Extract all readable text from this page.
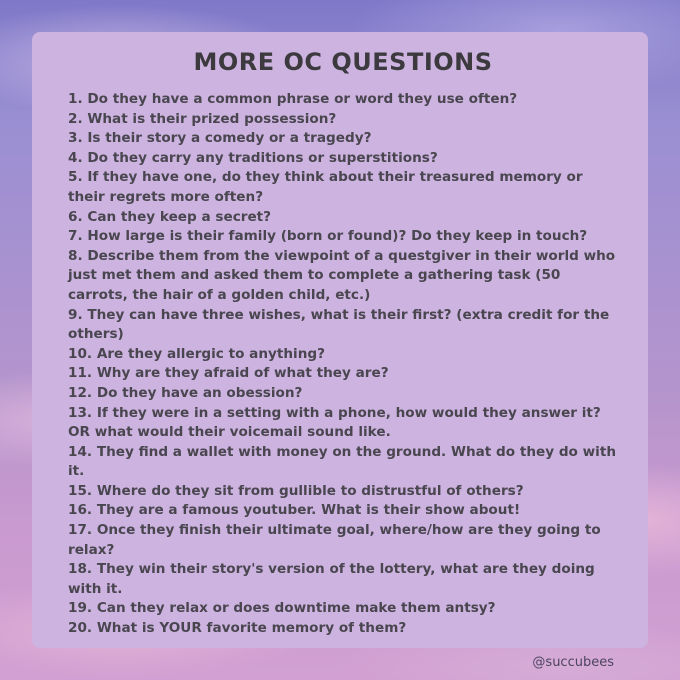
MORE OC QUESTIONS
1. Do they have a common phrase or word they use often?
2. What is their prized possession?
3. Is their story a comedy or a tragedy?
4. Do they carry any traditions or superstitions?
5. If they have one, do they think about their treasured memory or their regrets more often?
6. Can they keep a secret?
7. How large is their family (born or found)? Do they keep in touch?
8. Describe them from the viewpoint of a questgiver in their world who just met them and asked them to complete a gathering task (50 carrots, the hair of a golden child, etc.)
9. They can have three wishes, what is their first? (extra credit for the others)
10. Are they allergic to anything?
11. Why are they afraid of what they are?
12. Do they have an obession?
13. If they were in a setting with a phone, how would they answer it? OR what would their voicemail sound like.
14. They find a wallet with money on the ground. What do they do with it.
15. Where do they sit from gullible to distrustful of others?
16. They are a famous youtuber. What is their show about!
17. Once they finish their ultimate goal, where/how are they going to relax?
18. They win their story's version of the lottery, what are they doing with it.
19. Can they relax or does downtime make them antsy?
20. What is YOUR favorite memory of them?
@succubees
